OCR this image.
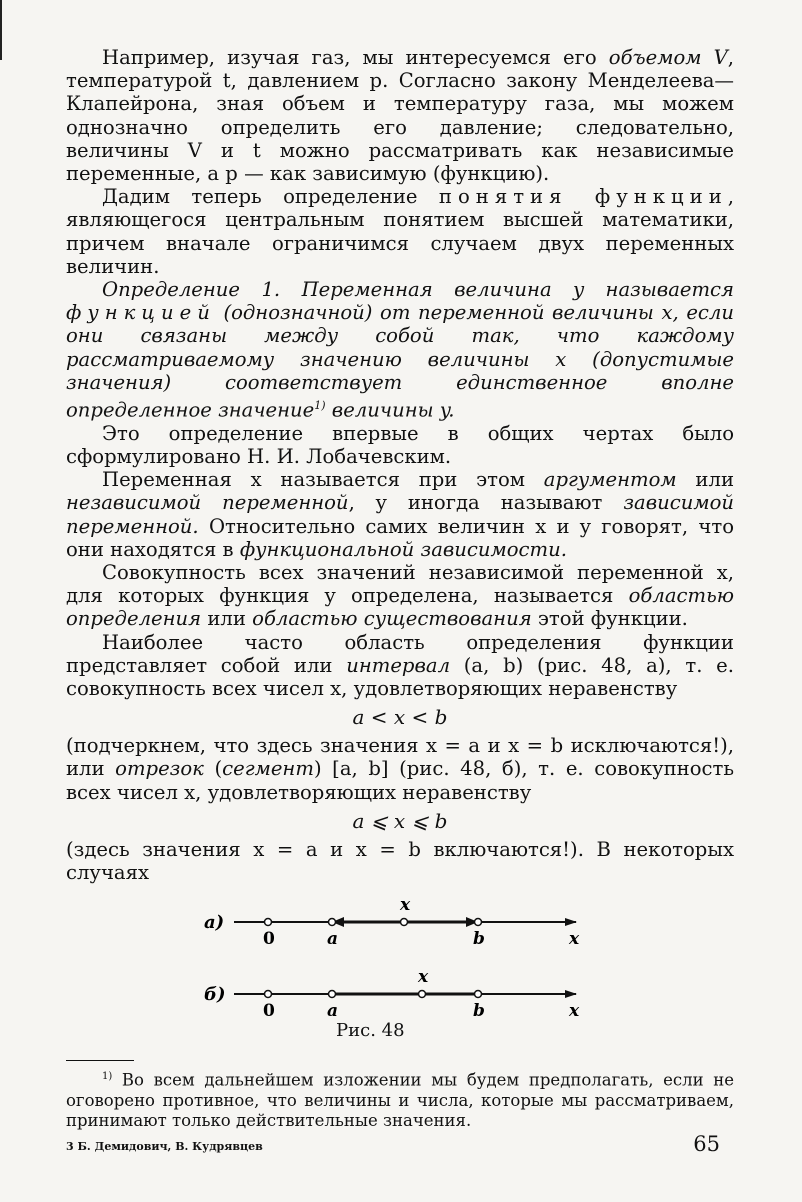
Например, изучая газ, мы интересуемся его объемом V, температурой t, давлением p. Согласно закону Менделеева—Клапейрона, зная объем и температуру газа, мы можем однозначно определить его давление; следовательно, величины V и t можно рассматривать как независимые переменные, а p — как зависимую (функцию).

Дадим теперь определение понятия функции, являющегося центральным понятием высшей математики, причем вначале ограничимся случаем двух переменных величин.

Определение 1. Переменная величина y называется функцией (однозначной) от переменной величины x, если они связаны между собой так, что каждому рассматриваемому значению величины x (допустимые значения) соответствует единственное вполне определенное значение$^{1)}$ величины y.

Это определение впервые в общих чертах было сформулировано Н. И. Лобачевским.

Переменная x называется при этом аргументом или независимой переменной, y иногда называют зависимой переменной. Относительно самих величин x и y говорят, что они находятся в функциональной зависимости.

Совокупность всех значений независимой переменной x, для которых функция y определена, называется областью определения или областью существования этой функции.

Наиболее часто область определения функции представляет собой или интервал (a, b) (рис. 48, а), т. е. совокупность всех чисел x, удовлетворяющих неравенству

a < x < b

(подчеркнем, что здесь значения x = a и x = b исключаются!), или отрезок (сегмент) [a, b] (рис. 48, б), т. е. совокупность всех чисел x, удовлетворяющих неравенству

a ⩽ x ⩽ b

(здесь значения x = a и x = b включаются!). В некоторых случаях

а)
x
0	a	b	x
б)
x
0	a	b	x
Рис. 48

$^{1)}$ Во всем дальнейшем изложении мы будем предполагать, если не оговорено противное, что величины и числа, которые мы рассматриваем, принимают только действительные значения.

3 Б. Демидович, В. Кудрявцев	65
